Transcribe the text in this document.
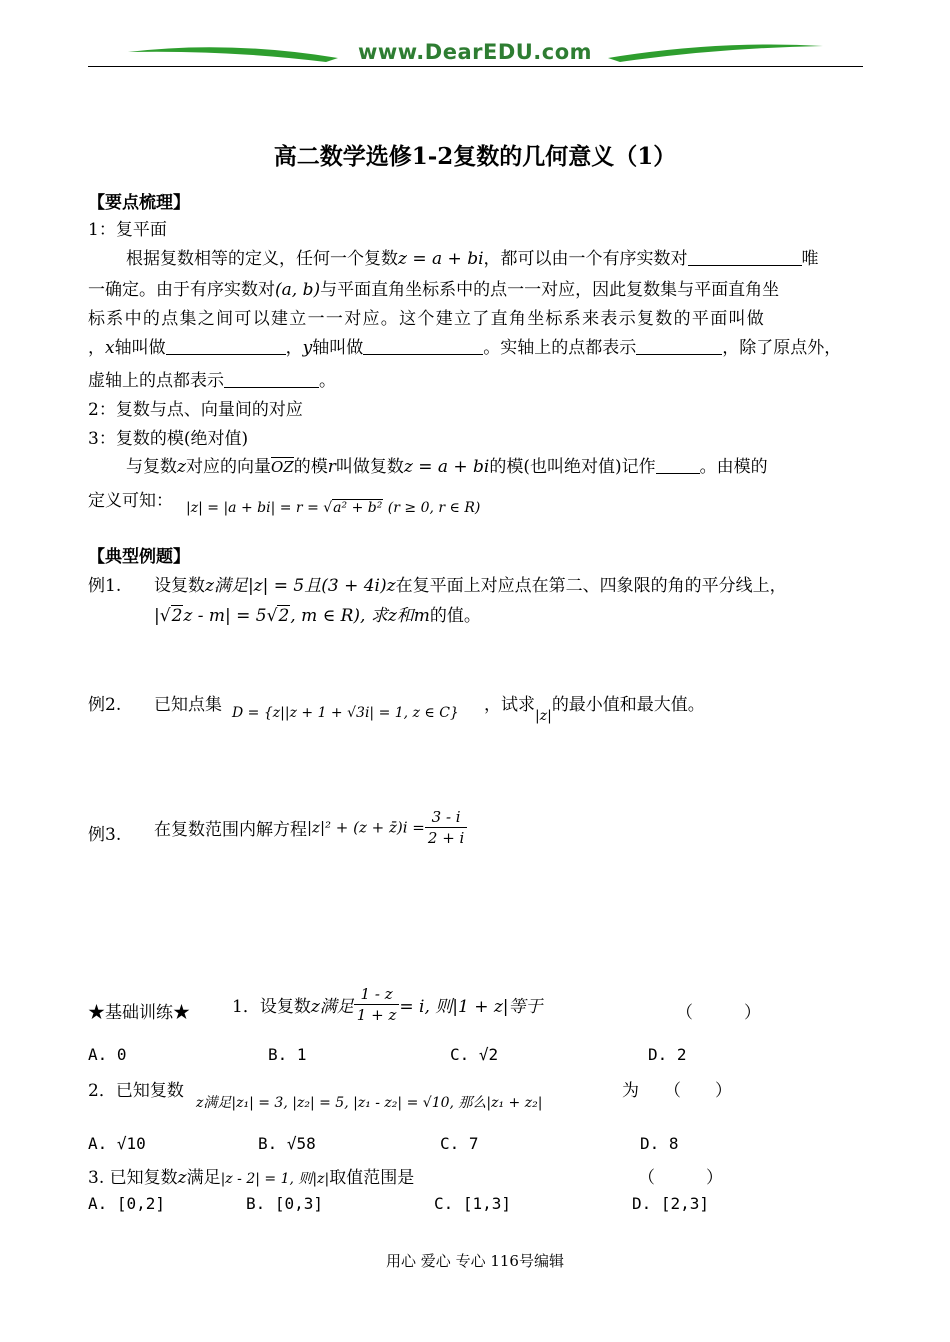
www.DearEDU.com
高二数学选修1-2复数的几何意义（1）
【要点梳理】
1：复平面
根据复数相等的定义，任何一个复数z = a + bi，都可以由一个有序实数对	唯
一确定。由于有序实数对(a, b)与平面直角坐标系中的点一一对应，因此复数集与平面直角坐
标系中的点集之间可以建立一一对应。这个建立了直角坐标系来表示复数的平面叫做
，x轴叫做	，y轴叫做	。实轴上的点都表示	，除了原点外，
虚轴上的点都表示	。
2：复数与点、向量间的对应
3：复数的模(绝对值)
与复数z对应的向量OZ的模r叫做复数z = a + bi的模(也叫绝对值)记作	。由模的
定义可知： |z| = |a + bi| = r = √a² + b² (r ≥ 0, r ∈ R)
【典型例题】
例1. 设复数z满足|z| = 5且(3 + 4i)z在复平面上对应点在第二、四象限的角的平分线上，
|√2z - m| = 5√2, m ∈ R), 求z和m的值。
例2. 已知点集 D = {z||z + 1 + √3i| = 1, z ∈ C} ，试求$_{|z|}$的最小值和最大值。
例3. 在复数范围内解方程|z|² + (z + z̄)i = $\frac{3 - i}{2 + i}$
★基础训练★ 1．设复数z满足 $\frac{1 - z}{1 + z} = i$, 则|1 + z|等于	（　　　）
A. 0	B. 1	C. √2	D. 2
2．已知复数
z满足|z₁| = 3, |z₂| = 5, |z₁ - z₂| = √10, 那么|z₁ + z₂|
为 （　　）
A. √10	B. √58	C. 7	D. 8
3. 已知复数z满足|z - 2| = 1, 则|z|取值范围是	（　　　）
A. [0,2]	B. [0,3]	C. [1,3]	D. [2,3]
用心 爱心 专心 116号编辑
